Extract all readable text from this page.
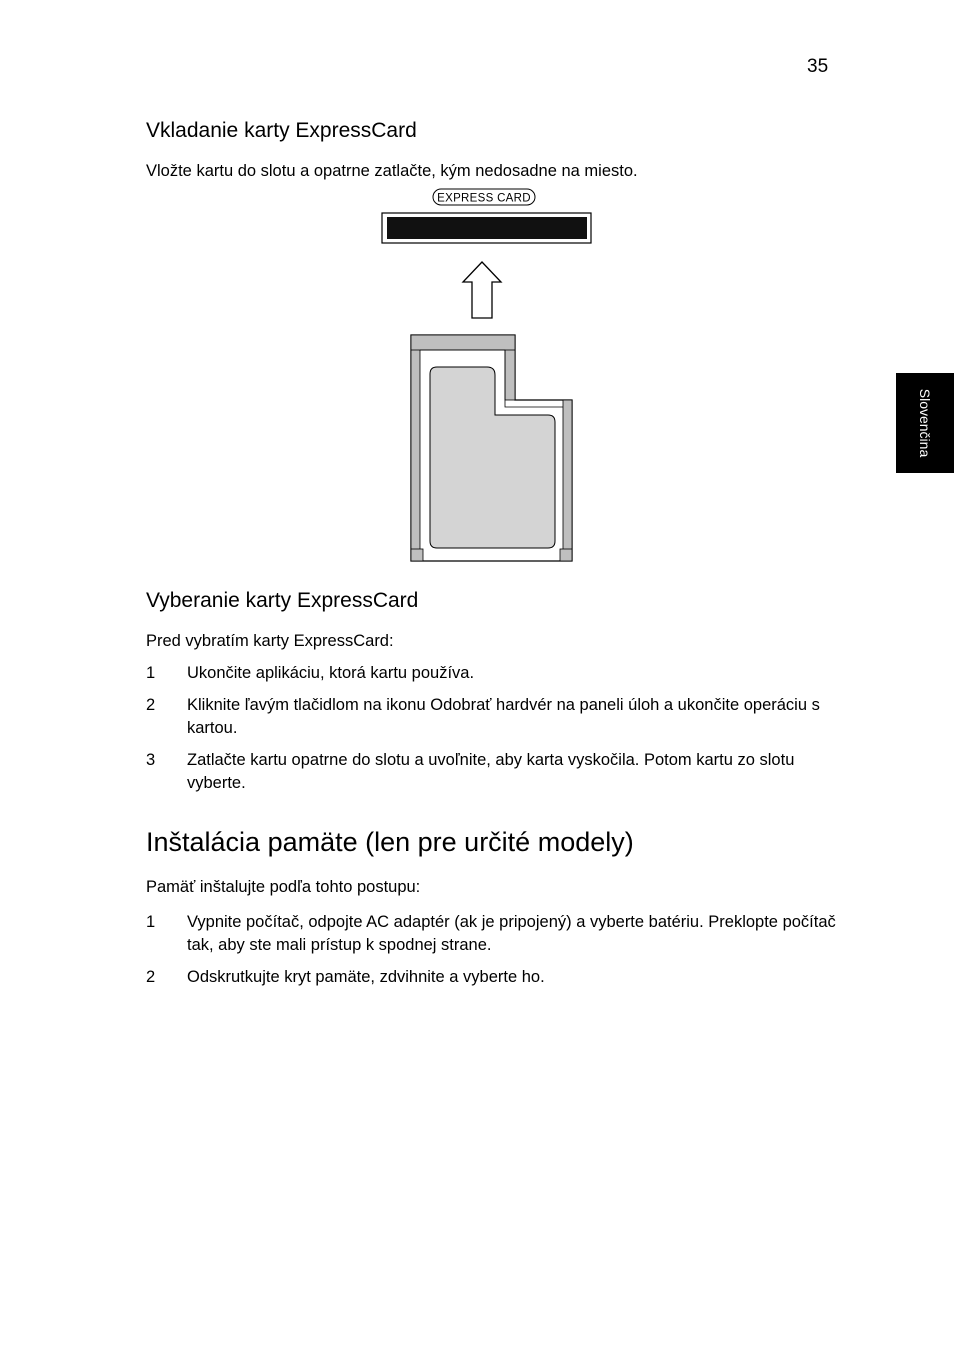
35
Slovenčina
Vkladanie karty ExpressCard
Vložte kartu do slotu a opatrne zatlačte, kým nedosadne na miesto.
EXPRESS CARD
Vyberanie karty ExpressCard
Pred vybratím karty ExpressCard:
1 Ukončite aplikáciu, ktorá kartu používa.
2 Kliknite ľavým tlačidlom na ikonu Odobrať hardvér na paneli úloh a ukončite operáciu s kartou.
3 Zatlačte kartu opatrne do slotu a uvoľnite, aby karta vyskočila. Potom kartu zo slotu vyberte.
Inštalácia pamäte (len pre určité modely)
Pamäť inštalujte podľa tohto postupu:
1 Vypnite počítač, odpojte AC adaptér (ak je pripojený) a vyberte batériu. Preklopte počítač tak, aby ste mali prístup k spodnej strane.
2 Odskrutkujte kryt pamäte, zdvihnite a vyberte ho.
